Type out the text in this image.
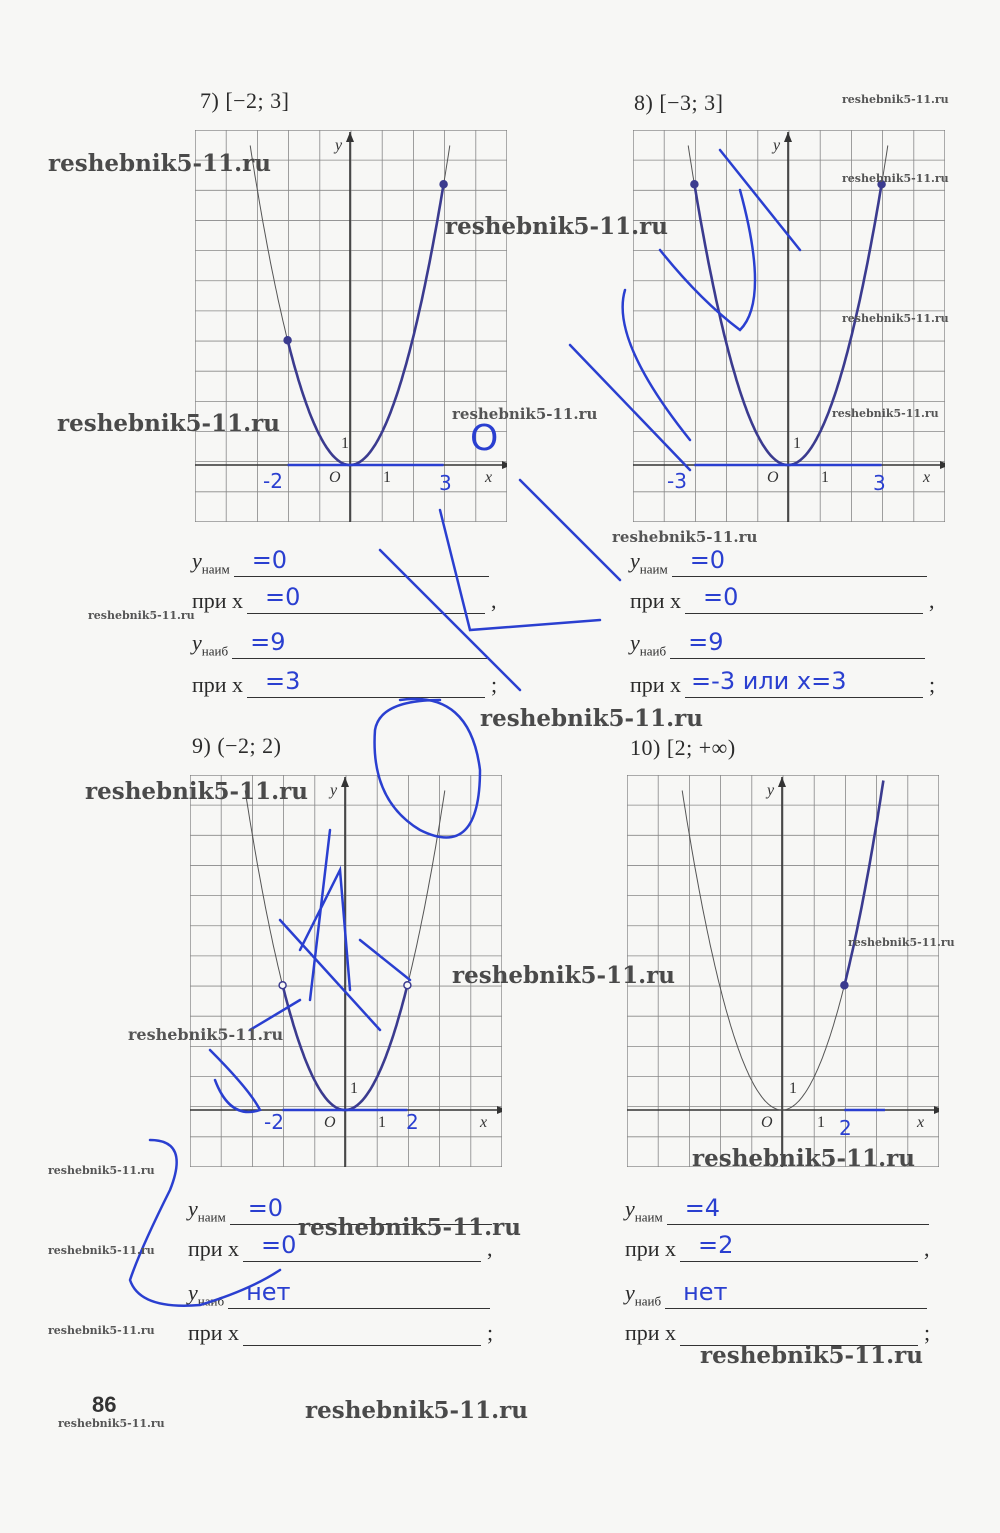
7) [−2; 3]	8) [−3; 3]
9) (−2; 2)	10) [2; +∞)
y
x
O	1
1
-2	3
y
x
O	1
1
-3	3
y
x
O	1
1
-2	2
y
x
O	1
1
2
$y_{наим} =0$
при x =0	,
$y_{наиб} =9$
при x =3	;
$y_{наим} =0$
при x =0	,
$y_{наиб} =9$
при x =-3 или x=3	;
$y_{наим} =0$
при x =0	,
$y_{наиб}$ нет
при x	;
$y_{наим} =4$
при x =2	,
$y_{наиб}$ нет
при x	;
O
86
reshebnik5-11.ru
reshebnik5-11.ru
reshebnik5-11.ru
reshebnik5-11.ru
reshebnik5-11.ru
reshebnik5-11.ru
reshebnik5-11.ru
reshebnik5-11.ru
reshebnik5-11.ru
reshebnik5-11.ru
reshebnik5-11.ru
reshebnik5-11.ru
reshebnik5-11.ru
reshebnik5-11.ru
reshebnik5-11.ru
reshebnik5-11.ru
reshebnik5-11.ru
reshebnik5-11.ru
reshebnik5-11.ru
reshebnik5-11.ru
reshebnik5-11.ru
reshebnik5-11.ru
reshebnik5-11.ru
